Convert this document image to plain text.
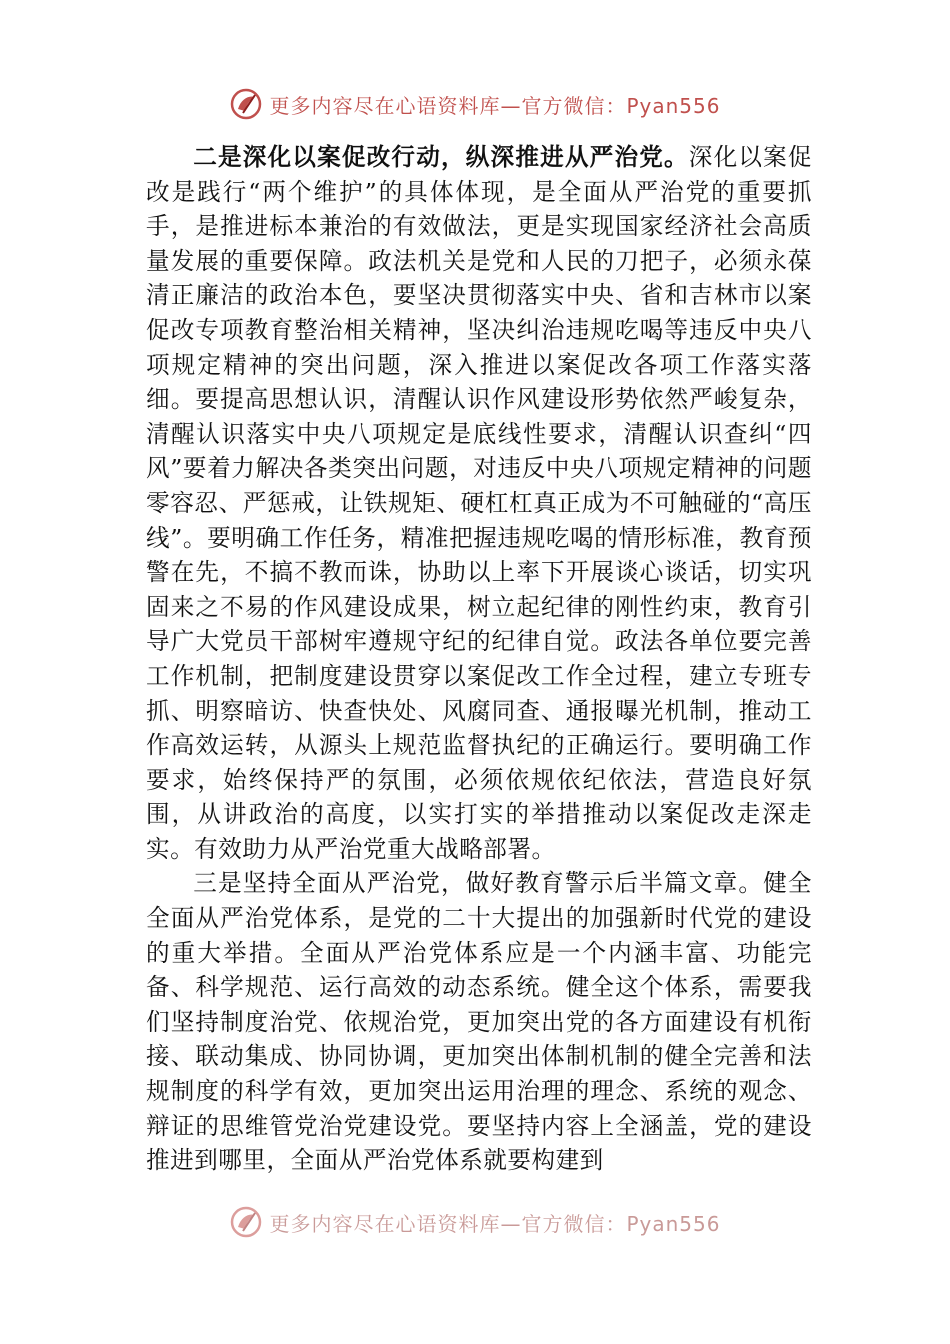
更多内容尽在心语资料库—官方微信：Pyan556

二是深化以案促改行动，纵深推进从严治党。深化以案促改是践行“两个维护”的具体体现，是全面从严治党的重要抓手，是推进标本兼治的有效做法，更是实现国家经济社会高质量发展的重要保障。政法机关是党和人民的刀把子，必须永葆清正廉洁的政治本色，要坚决贯彻落实中央、省和吉林市以案促改专项教育整治相关精神，坚决纠治违规吃喝等违反中央八项规定精神的突出问题，深入推进以案促改各项工作落实落细。要提高思想认识，清醒认识作风建设形势依然严峻复杂，清醒认识落实中央八项规定是底线性要求，清醒认识查纠“四风”要着力解决各类突出问题，对违反中央八项规定精神的问题零容忍、严惩戒，让铁规矩、硬杠杠真正成为不可触碰的“高压线”。要明确工作任务，精准把握违规吃喝的情形标准，教育预警在先，不搞不教而诛，协助以上率下开展谈心谈话，切实巩固来之不易的作风建设成果，树立起纪律的刚性约束，教育引导广大党员干部树牢遵规守纪的纪律自觉。政法各单位要完善工作机制，把制度建设贯穿以案促改工作全过程，建立专班专抓、明察暗访、快查快处、风腐同查、通报曝光机制，推动工作高效运转，从源头上规范监督执纪的正确运行。要明确工作要求，始终保持严的氛围，必须依规依纪依法，营造良好氛围，从讲政治的高度，以实打实的举措推动以案促改走深走实。有效助力从严治党重大战略部署。

三是坚持全面从严治党，做好教育警示后半篇文章。健全全面从严治党体系，是党的二十大提出的加强新时代党的建设的重大举措。全面从严治党体系应是一个内涵丰富、功能完备、科学规范、运行高效的动态系统。健全这个体系，需要我们坚持制度治党、依规治党，更加突出党的各方面建设有机衔接、联动集成、协同协调，更加突出体制机制的健全完善和法规制度的科学有效，更加突出运用治理的理念、系统的观念、辩证的思维管党治党建设党。要坚持内容上全涵盖，党的建设推进到哪里，全面从严治党体系就要构建到

更多内容尽在心语资料库—官方微信：Pyan556
